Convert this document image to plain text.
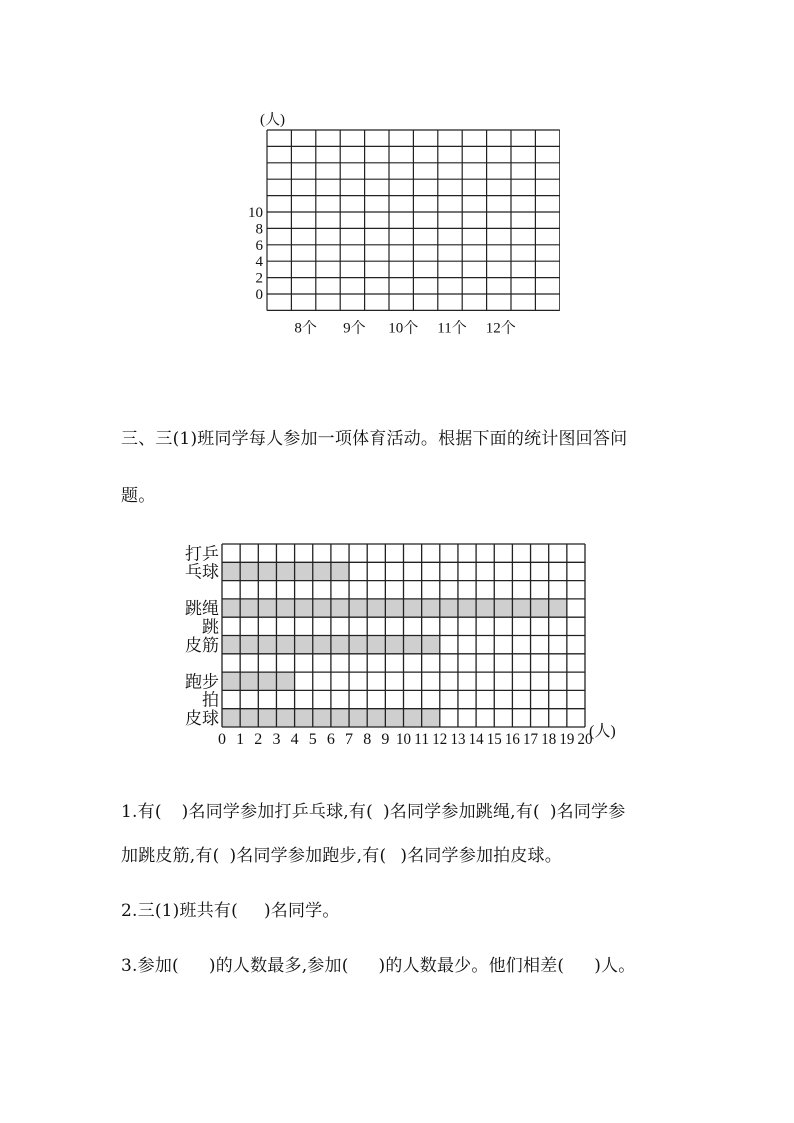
(人)
0
2
4
6
8
10
8个 9个 10个 11个 12个
三、三(1)班同学每人参加一项体育活动。根据下面的统计图回答问
题。
打乒
乓球
跳绳
跳
皮筋
跑步
拍
皮球
0 1 2 3 4 5 6 7 8 9 10 11 12 13 14 15 16 17 18 19 20
(人)
1.有( )名同学参加打乒乓球,有( )名同学参加跳绳,有( )名同学参
加跳皮筋,有( )名同学参加跑步,有( )名同学参加拍皮球。
2.三(1)班共有( )名同学。
3.参加( )的人数最多,参加( )的人数最少。他们相差( )人。
